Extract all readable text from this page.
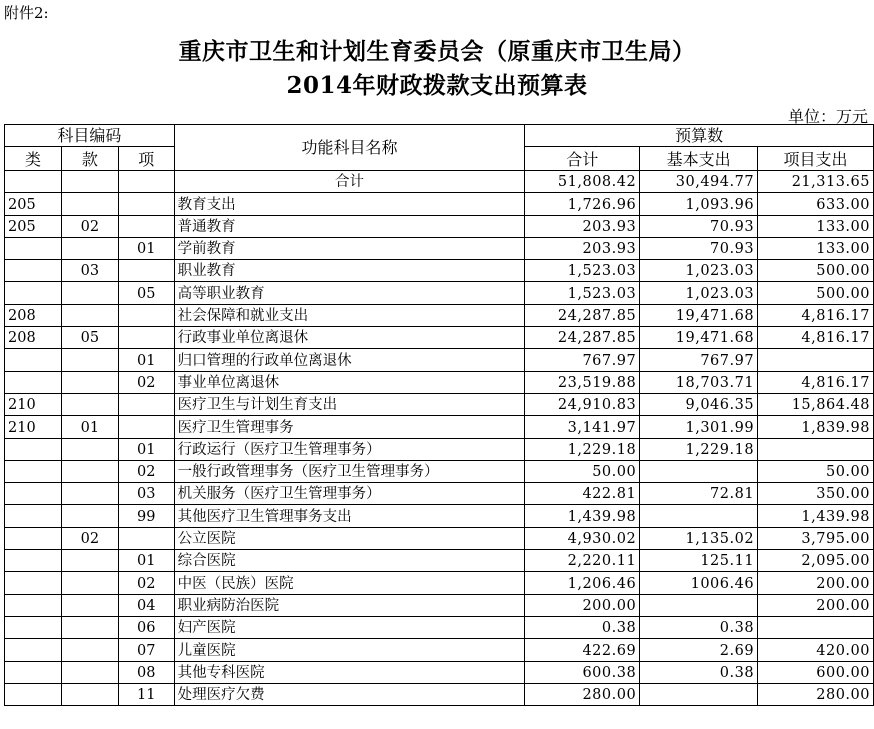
附件2:
重庆市卫生和计划生育委员会（原重庆市卫生局）
2014年财政拨款支出预算表
单位：万元
科目编码			功能科目名称	预算数		
类	款	项		合计	基本支出	项目支出
			合计	51,808.42	30,494.77	21,313.65
205			教育支出	1,726.96	1,093.96	633.00
205	02		普通教育	203.93	70.93	133.00
		01	学前教育	203.93	70.93	133.00
	03		职业教育	1,523.03	1,023.03	500.00
		05	高等职业教育	1,523.03	1,023.03	500.00
208			社会保障和就业支出	24,287.85	19,471.68	4,816.17
208	05		行政事业单位离退休	24,287.85	19,471.68	4,816.17
		01	归口管理的行政单位离退休	767.97	767.97	
		02	事业单位离退休	23,519.88	18,703.71	4,816.17
210			医疗卫生与计划生育支出	24,910.83	9,046.35	15,864.48
210	01		医疗卫生管理事务	3,141.97	1,301.99	1,839.98
		01	行政运行（医疗卫生管理事务）	1,229.18	1,229.18	
		02	一般行政管理事务（医疗卫生管理事务）	50.00		50.00
		03	机关服务（医疗卫生管理事务）	422.81	72.81	350.00
		99	其他医疗卫生管理事务支出	1,439.98		1,439.98
	02		公立医院	4,930.02	1,135.02	3,795.00
		01	综合医院	2,220.11	125.11	2,095.00
		02	中医（民族）医院	1,206.46	1006.46	200.00
		04	职业病防治医院	200.00		200.00
		06	妇产医院	0.38	0.38	
		07	儿童医院	422.69	2.69	420.00
		08	其他专科医院	600.38	0.38	600.00
		11	处理医疗欠费	280.00		280.00
